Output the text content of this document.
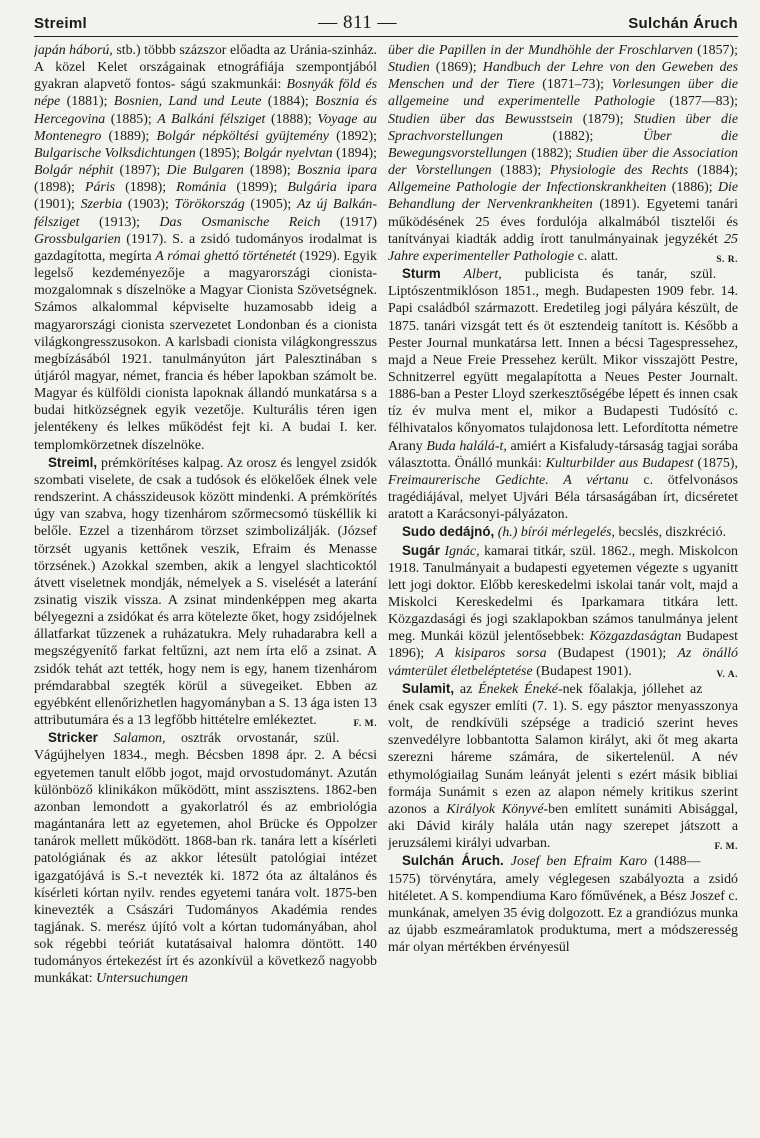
Streiml	— 811 —	Sulchán Áruch

japán háború, stb.) többb százszor előadta az Uránia-szinház. A közel Kelet országainak etnográfiája szempontjából gyakran alapvető fontos- ságú szakmunkái: Bosnyák föld és népe (1881); Bosnien, Land und Leute (1884); Bosznia és Hercegovina (1885); A Balkáni félsziget (1888); Voyage au Montenegro (1889); Bolgár népköltési gyüjtemény (1892); Bulgarische Volksdichtungen (1895); Bolgár nyelvtan (1894); Bolgár néphit (1897); Die Bulgaren (1898); Bosznia ipara (1898); Páris (1898); Románia (1899); Bulgária ipara (1901); Szerbia (1903); Törökország (1905); Az új Balkán-félsziget (1913); Das Osmanische Reich (1917) Grossbulgarien (1917). S. a zsidó tudományos irodalmat is gazdagította, megírta A római ghettó történetét (1929). Egyik legelső kezdeményezője a magyarországi cionista-mozgalomnak s díszelnöke a Magyar Cionista Szövetségnek. Számos alkalommal képviselte huzamosabb ideig a magyarországi cionista szervezetet Londonban és a cionista világkongresszusokon. A karlsbadi cionista világkongresszus megbízásából 1921. tanulmányúton járt Palesztinában s útjáról magyar, német, francia és héber lapokban számolt be. Magyar és külföldi cionista lapoknak állandó munkatársa s a budai hitközségnek egyik vezetője. Kulturális téren igen jelentékeny és lelkes működést fejt ki. A budai I. ker. templomkörzetnek díszelnöke.

Streiml, prémkörítéses kalpag. Az orosz és lengyel zsidók szombati viselete, de csak a tudósok és elökelőek élnek vele rendszerint. A chásszideusok között mindenki. A prémkörítés úgy van szabva, hogy tizenhárom szőrmecsomó tüskéllik ki belőle. Ezzel a tizenhárom törzset szimbolizálják. (József törzsét ugyanis kettőnek veszik, Efraim és Menasse törzsének.) Azokkal szemben, akik a lengyel slachticoktól átvett viseletnek mondják, némelyek a S. viselését a laterání zsinatig viszik vissza. A zsinat mindenképpen meg akarta bélyegezni a zsidókat és arra kötelezte őket, hogy zsidójelnek állatfarkat tűzzenek a ruházatukra. Mely ruhadarabra kell a megszégyenítő farkat feltűzni, azt nem írta elő a zsinat. A zsidók tehát azt tették, hogy nem is egy, hanem tizenhárom prémdarabbal szegték körül a süvegeiket. Ebben az egyébként ellenőrizhetlen hagyományban a S. 13 ága isten 13 attributumára és a 13 legfőbb hittételre emlékeztet.	F. M.

Stricker Salamon, osztrák orvostanár, szül. Vágújhelyen 1834., megh. Bécsben 1898 ápr. 2. A bécsi egyetemen tanult előbb jogot, majd orvostudományt. Azután különböző klinikákon működött, mint asszisztens. 1862-ben azonban lemondott a gyakorlatról és az embriológia magántanára lett az egyetemen, ahol Brücke és Oppolzer tanárok mellett működött. 1868-ban rk. tanára lett a kísérleti patológiának és az akkor létesült patológiai intézet igazgatójává is S.-t nevezték ki. 1872 óta az általános és kísérleti kórtan nyilv. rendes egyetemi tanára volt. 1875-ben kinevezték a Császári Tudományos Akadémia rendes tagjának. S. merész újító volt a kórtan tudományában, ahol sok régebbi teóriát kutatásaival halomra döntött. 140 tudományos értekezést írt és azonkívül a következő nagyobb munkákat: Untersuchungen

über die Papillen in der Mundhöhle der Froschlarven (1857); Studien (1869); Handbuch der Lehre von den Geweben des Menschen und der Tiere (1871–73); Vorlesungen über die allgemeine und experimentelle Pathologie (1877—83); Studien über das Bewusstsein (1879); Studien über die Sprachvorstellungen (1882); Über die Bewegungsvorstellungen (1882); Studien über die Association der Vorstellungen (1883); Physiologie des Rechts (1884); Allgemeine Pathologie der Infectionskrankheiten (1886); Die Behandlung der Nervenkrankheiten (1891). Egyetemi tanári működésének 25 éves fordulója alkalmából tisztelői és tanítványai kiadták addig írott tanulmányainak jegyzékét 25 Jahre experimenteller Pathologie c. alatt.	S. R.

Sturm Albert, publicista és tanár, szül. Liptószentmiklóson 1851., megh. Budapesten 1909 febr. 14. Papi családból származott. Eredetileg jogi pályára készült, de 1875. tanári vizsgát tett és öt esztendeig tanított is. Később a Pester Journal munkatársa lett. Innen a bécsi Tagespressehez, majd a Neue Freie Pressehez került. Mikor visszajött Pestre, Schnitzerrel együtt megalapította a Neues Pester Journalt. 1886-ban a Pester Lloyd szerkesztőségébe lépett és innen csak tíz év mulva ment el, mikor a Budapesti Tudósító c. félhivatalos kőnyomatos tulajdonosa lett. Lefordította németre Arany Buda halálá-t, amiért a Kisfaludy-társaság tagjai sorába választotta. Önálló munkái: Kulturbilder aus Budapest (1875), Freimaurerische Gedichte. A vértanu c. ötfelvonásos tragédiájával, melyet Ujvári Béla társaságában írt, dicséretet aratott a Karácsonyi-pályázaton.

Sudo dedájnó, (h.) bírói mérlegelés, becslés, diszkréció.

Sugár Ignác, kamarai titkár, szül. 1862., megh. Miskolcon 1918. Tanulmányait a budapesti egyetemen végezte s ugyanitt lett jogi doktor. Előbb kereskedelmi iskolai tanár volt, majd a Miskolci Kereskedelmi és Iparkamara titkára lett. Közgazdasági és jogi szaklapokban számos tanulmánya jelent meg. Munkái közül jelentősebbek: Közgazdaságtan Budapest 1896); A kisiparos sorsa (Budapest (1901); Az önálló vámterület életbeléptetése (Budapest 1901).	V. A.

Sulamit, az Énekek Éneké-nek főalakja, jóllehet az ének csak egyszer említi (7. 1). S. egy pásztor menyasszonya volt, de rendkívüli szépsége a tradició szerint heves szenvedélyre lobbantotta Salamon királyt, aki őt meg akarta szerezni háreme számára, de sikertelenül. A név ethymológiailag Sunám leányát jelenti s ezért másik bibliai formája Sunámit s ezen az alapon némely kritikus szerint azonos a Királyok Könyvé-ben említett sunámiti Abisággal, aki Dávid király halála után nagy szerepet játszott a jeruzsálemi királyi udvarban.	F. M.

Sulchán Áruch. Josef ben Efraim Karo (1488—1575) törvénytára, amely véglegesen szabályozta a zsidó hitéletet. A S. kompendiuma Karo főművének, a Bész Joszef c. munkának, amelyen 35 évig dolgozott. Ez a grandiózus munka az újabb eszmeáramlatok produktuma, mert a módszeresség már olyan mértékben érvényesül
